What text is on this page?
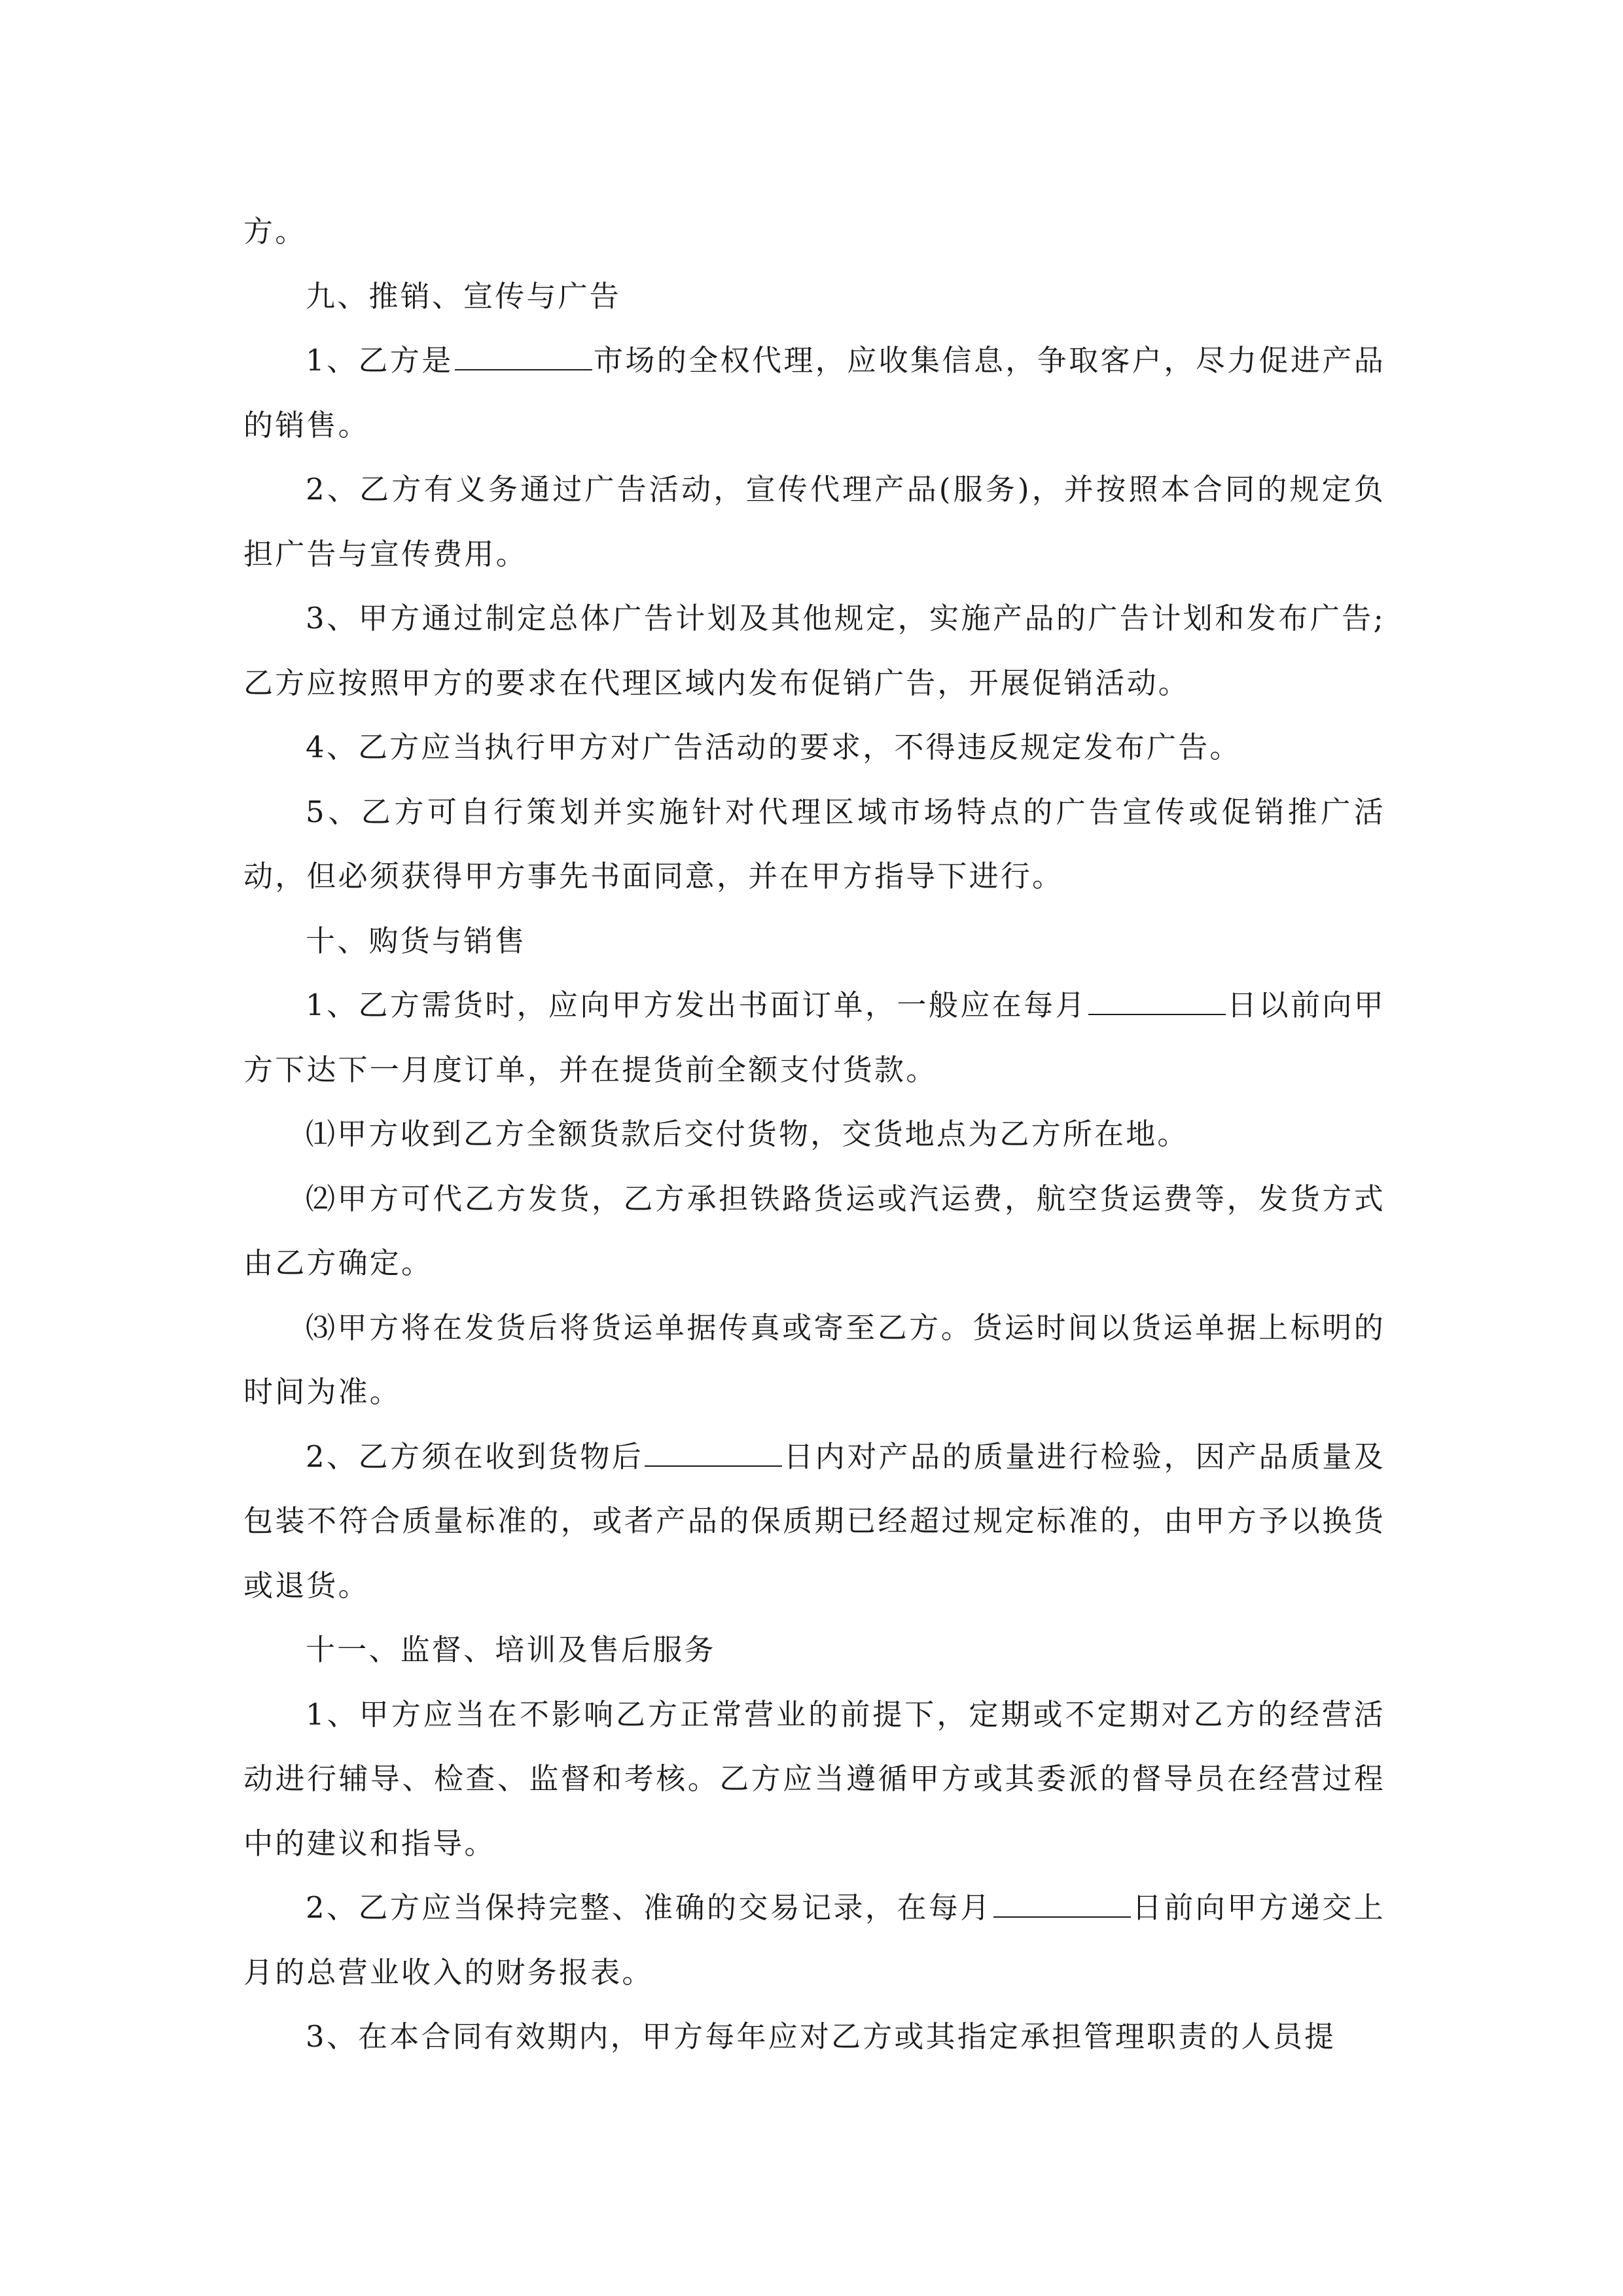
方。

九、推销、宣传与广告

1、乙方是	市场的全权代理，应收集信息，争取客户，尽力促进产品的销售。

2、乙方有义务通过广告活动，宣传代理产品(服务)，并按照本合同的规定负担广告与宣传费用。

3、甲方通过制定总体广告计划及其他规定，实施产品的广告计划和发布广告;乙方应按照甲方的要求在代理区域内发布促销广告，开展促销活动。

4、乙方应当执行甲方对广告活动的要求，不得违反规定发布广告。

5、乙方可自行策划并实施针对代理区域市场特点的广告宣传或促销推广活动，但必须获得甲方事先书面同意，并在甲方指导下进行。

十、购货与销售

1、乙方需货时，应向甲方发出书面订单，一般应在每月	日以前向甲方下达下一月度订单，并在提货前全额支付货款。

⑴甲方收到乙方全额货款后交付货物，交货地点为乙方所在地。

⑵甲方可代乙方发货，乙方承担铁路货运或汽运费，航空货运费等，发货方式由乙方确定。

⑶甲方将在发货后将货运单据传真或寄至乙方。货运时间以货运单据上标明的时间为准。

2、乙方须在收到货物后	日内对产品的质量进行检验，因产品质量及包装不符合质量标准的，或者产品的保质期已经超过规定标准的，由甲方予以换货或退货。

十一、监督、培训及售后服务

1、甲方应当在不影响乙方正常营业的前提下，定期或不定期对乙方的经营活动进行辅导、检查、监督和考核。乙方应当遵循甲方或其委派的督导员在经营过程中的建议和指导。

2、乙方应当保持完整、准确的交易记录，在每月	日前向甲方递交上月的总营业收入的财务报表。

3、在本合同有效期内，甲方每年应对乙方或其指定承担管理职责的人员提
